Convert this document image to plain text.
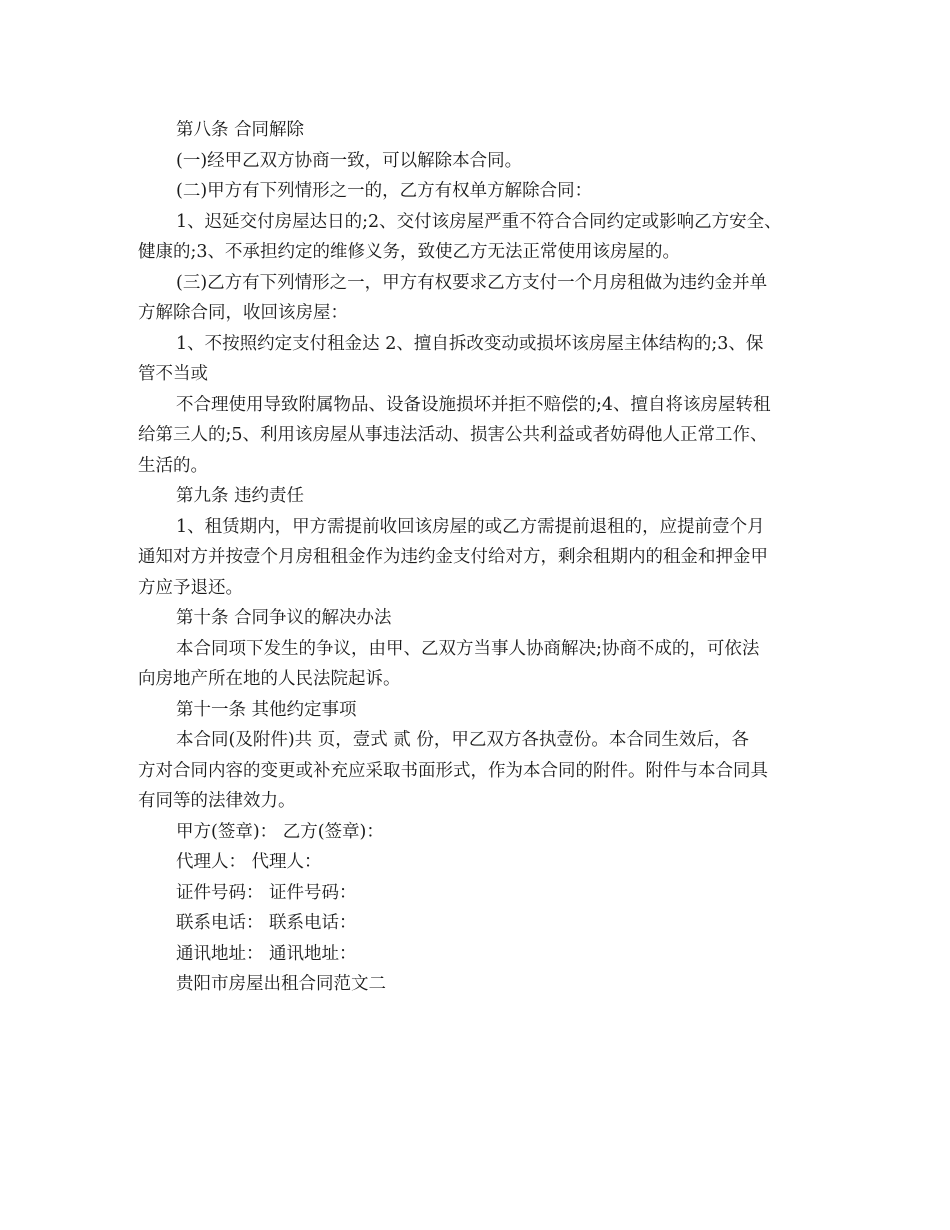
第八条 合同解除
(一)经甲乙双方协商一致，可以解除本合同。
(二)甲方有下列情形之一的，乙方有权单方解除合同：
1、迟延交付房屋达日的;2、交付该房屋严重不符合合同约定或影响乙方安全、
健康的;3、不承担约定的维修义务，致使乙方无法正常使用该房屋的。
(三)乙方有下列情形之一，甲方有权要求乙方支付一个月房租做为违约金并单
方解除合同，收回该房屋：
1、不按照约定支付租金达 2、擅自拆改变动或损坏该房屋主体结构的;3、保
管不当或
不合理使用导致附属物品、设备设施损坏并拒不赔偿的;4、擅自将该房屋转租
给第三人的;5、利用该房屋从事违法活动、损害公共利益或者妨碍他人正常工作、
生活的。
第九条 违约责任
1、租赁期内，甲方需提前收回该房屋的或乙方需提前退租的，应提前壹个月
通知对方并按壹个月房租租金作为违约金支付给对方，剩余租期内的租金和押金甲
方应予退还。
第十条 合同争议的解决办法
本合同项下发生的争议，由甲、乙双方当事人协商解决;协商不成的，可依法
向房地产所在地的人民法院起诉。
第十一条 其他约定事项
本合同(及附件)共 页，壹式 贰 份，甲乙双方各执壹份。本合同生效后，各
方对合同内容的变更或补充应采取书面形式，作为本合同的附件。附件与本合同具
有同等的法律效力。
甲方(签章)： 乙方(签章)：
代理人： 代理人：
证件号码： 证件号码：
联系电话： 联系电话：
通讯地址： 通讯地址：
贵阳市房屋出租合同范文二
